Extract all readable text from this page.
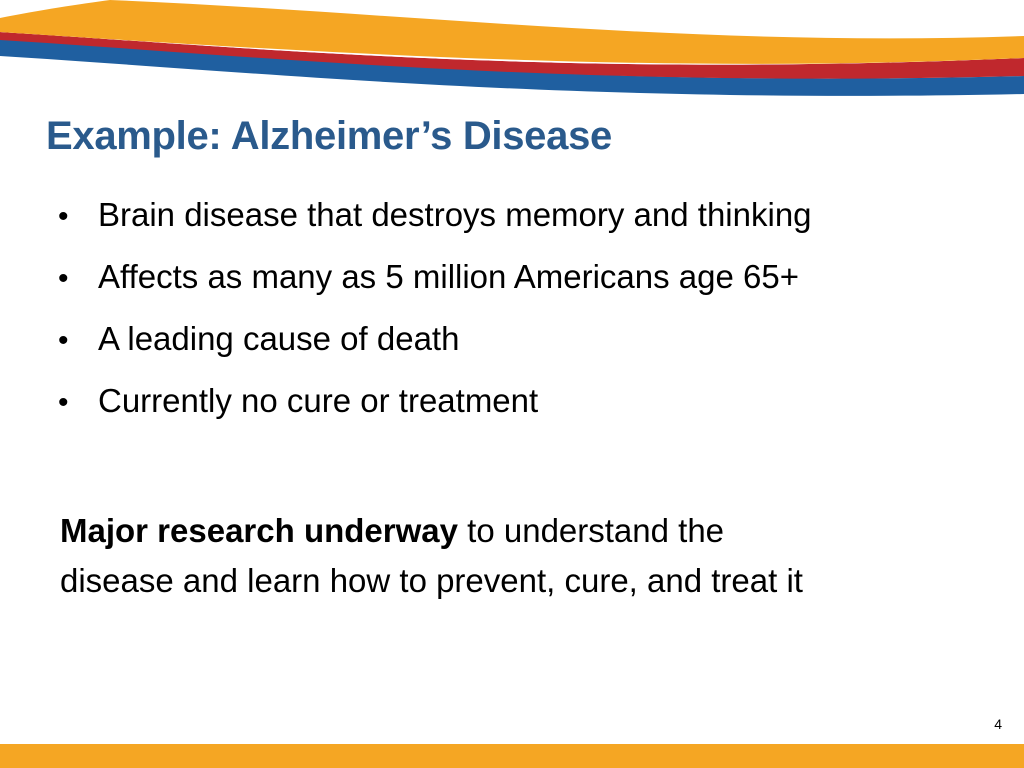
Example: Alzheimer’s Disease
• Brain disease that destroys memory and thinking
• Affects as many as 5 million Americans age 65+
• A leading cause of death
• Currently no cure or treatment

Major research underway to understand the
disease and learn how to prevent, cure, and treat it

4
